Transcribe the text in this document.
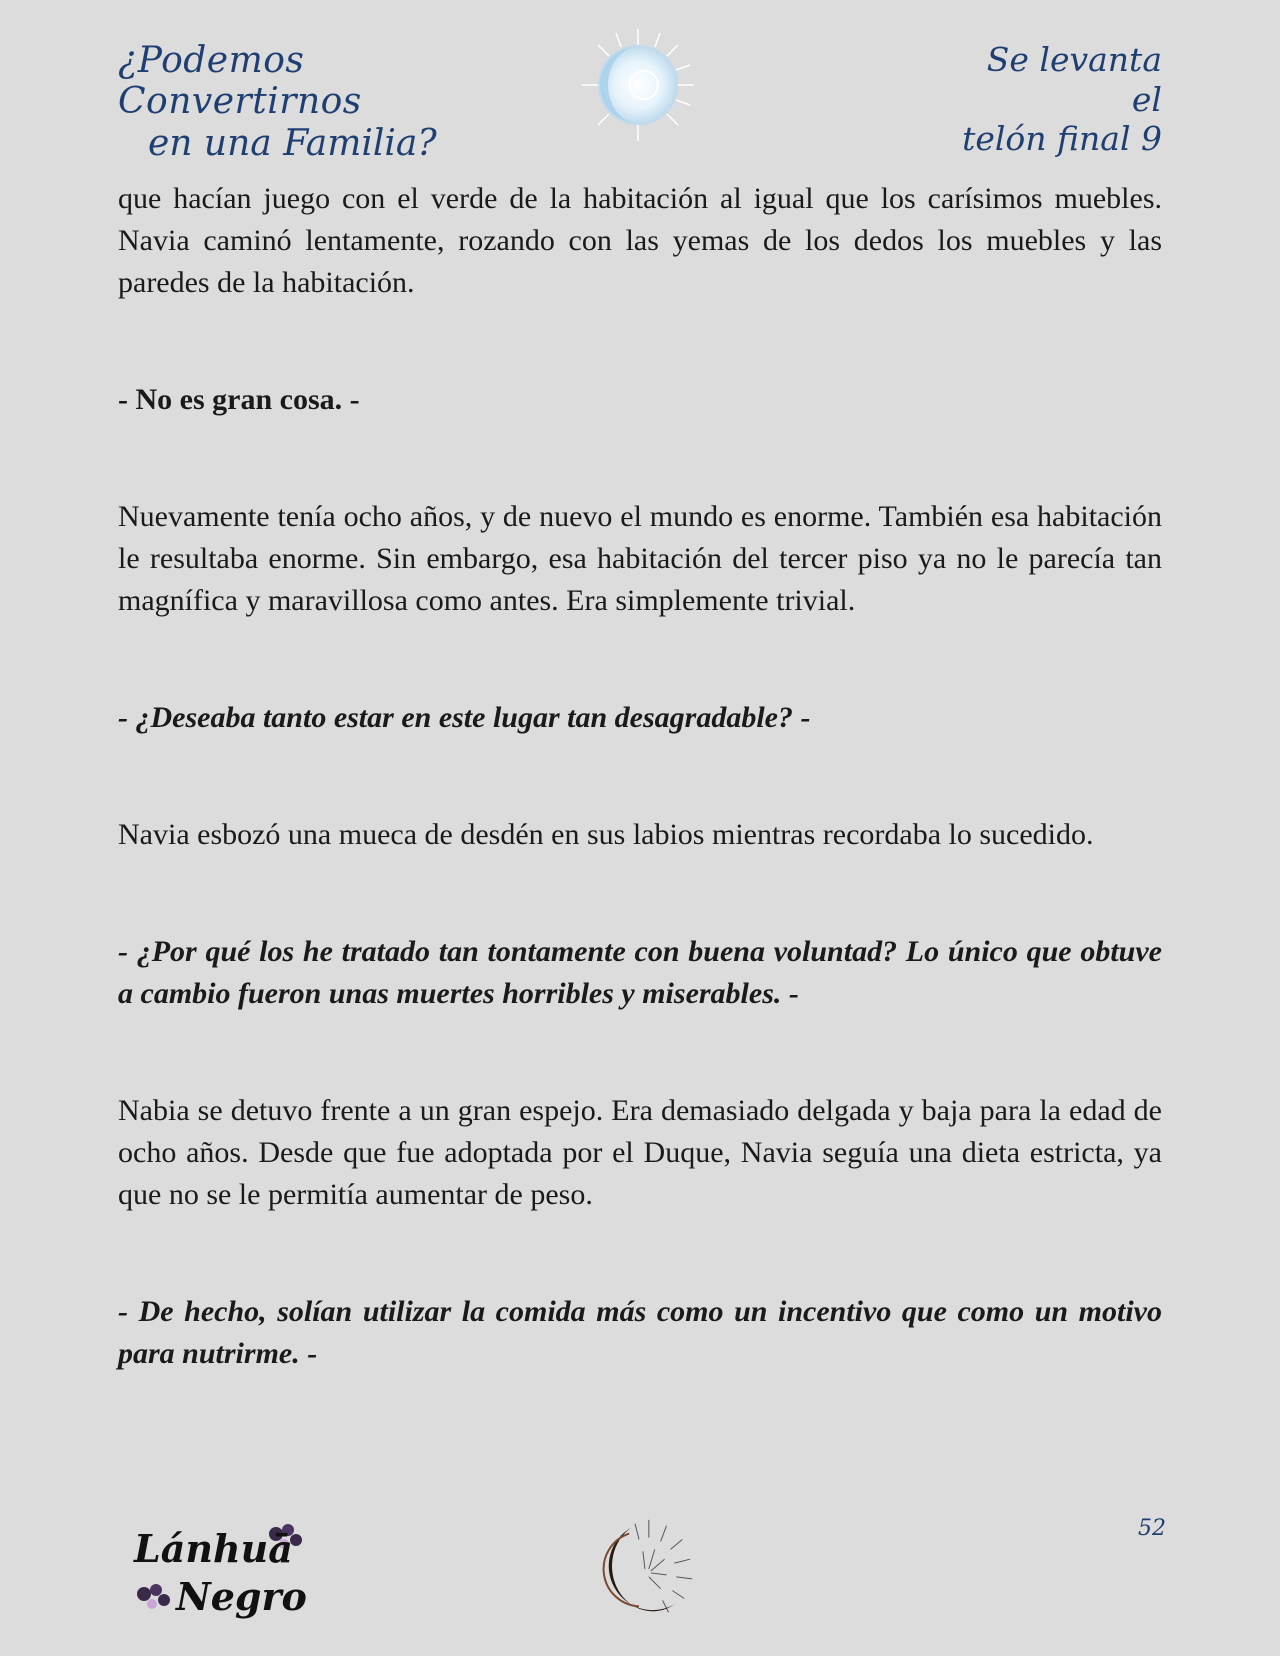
¿Podemos Convertirnos
en una Familia?
Se levanta el
telón final 9

que hacían juego con el verde de la habitación al igual que los carísimos muebles. Navia caminó lentamente, rozando con las yemas de los dedos los muebles y las paredes de la habitación.

- No es gran cosa. -

Nuevamente tenía ocho años, y de nuevo el mundo es enorme. También esa habitación le resultaba enorme. Sin embargo, esa habitación del tercer piso ya no le parecía tan magnífica y maravillosa como antes. Era simplemente trivial.

- ¿Deseaba tanto estar en este lugar tan desagradable? -

Navia esbozó una mueca de desdén en sus labios mientras recordaba lo sucedido.

- ¿Por qué los he tratado tan tontamente con buena voluntad? Lo único que obtuve a cambio fueron unas muertes horribles y miserables. -

Nabia se detuvo frente a un gran espejo. Era demasiado delgada y baja para la edad de ocho años. Desde que fue adoptada por el Duque, Navia seguía una dieta estricta, ya que no se le permitía aumentar de peso.

- De hecho, solían utilizar la comida más como un incentivo que como un motivo para nutrirme. -

Lánhuā
Negro
52
